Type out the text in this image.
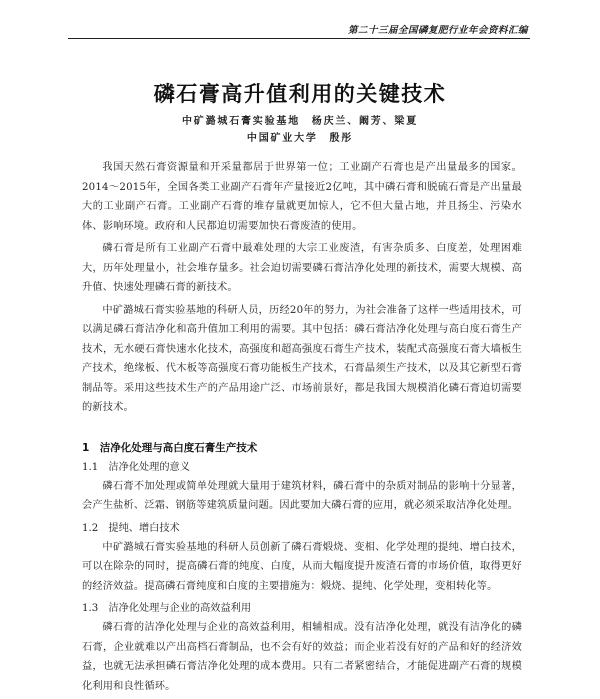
第二十三届全国磷复肥行业年会资料汇编
磷石膏高升值利用的关键技术
中矿潞城石膏实验基地　杨庆兰、阚芳、梁夏
中国矿业大学　殷彤

我国天然石膏资源量和开采量都居于世界第一位；工业副产石膏也是产出量最多的国家。2014～2015年，全国各类工业副产石膏年产量接近2亿吨，其中磷石膏和脱硫石膏是产出量最大的工业副产石膏。工业副产石膏的堆存量就更加惊人，它不但大量占地，并且扬尘、污染水体、影响环境。政府和人民都迫切需要加快石膏废渣的使用。

磷石膏是所有工业副产石膏中最难处理的大宗工业废渣，有害杂质多、白度差，处理困难大，历年处理量小，社会堆存量多。社会迫切需要磷石膏洁净化处理的新技术，需要大规模、高升值、快速处理磷石膏的新技术。

中矿潞城石膏实验基地的科研人员，历经20年的努力，为社会准备了这样一些适用技术，可以满足磷石膏洁净化和高升值加工利用的需要。其中包括：磷石膏洁净化处理与高白度石膏生产技术，无水硬石膏快速水化技术，高强度和超高强度石膏生产技术，装配式高强度石膏大墙板生产技术，绝缘板、代木板等高强度石膏功能板生产技术，石膏晶须生产技术，以及其它新型石膏制品等。采用这些技术生产的产品用途广泛、市场前景好，都是我国大规模消化磷石膏迫切需要的新技术。

1　洁净化处理与高白度石膏生产技术
1.1　洁净化处理的意义

磷石膏不加处理或简单处理就大量用于建筑材料，磷石膏中的杂质对制品的影响十分显著，会产生盐析、泛霜、钢筋等建筑质量问题。因此要加大磷石膏的应用，就必须采取洁净化处理。

1.2　提纯、增白技术

中矿潞城石膏实验基地的科研人员创新了磷石膏煅烧、变相、化学处理的提纯、增白技术，可以在除杂的同时，提高磷石膏的纯度、白度，从而大幅度提升废渣石膏的市场价值，取得更好的经济效益。提高磷石膏纯度和白度的主要措施为：煅烧、提纯、化学处理，变相转化等。

1.3　洁净化处理与企业的高效益利用

磷石膏的洁净化处理与企业的高效益利用，相辅相成。没有洁净化处理，就没有洁净化的磷石膏，企业就难以产出高档石膏制品，也不会有好的效益；而企业若没有好的产品和好的经济效益，也就无法承担磷石膏洁净化处理的成本费用。只有二者紧密结合，才能促进副产石膏的规模化利用和良性循环。
